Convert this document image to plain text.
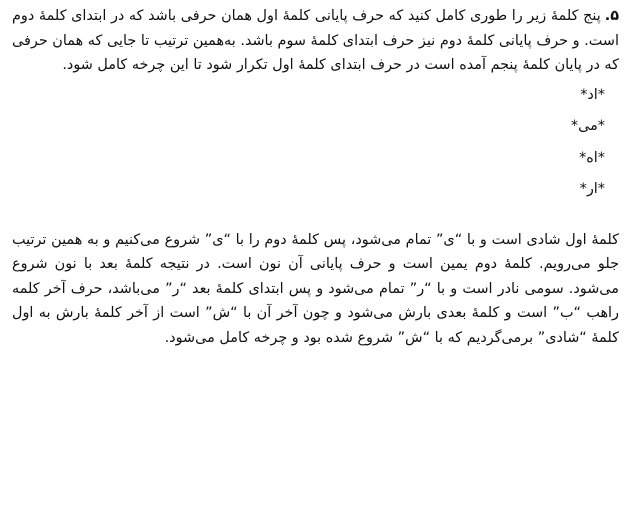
۵.پنج کلمهٔ زیر را طوری کامل کنید که حرف پایانی کلمهٔ اول همان حرفی باشد که در ابتدای کلمهٔ دوم است. و حرف پایانی کلمهٔ دوم نیز حرف ابتدای کلمهٔ سوم باشد. به‌همین ترتیب تا جایی که همان حرفی که در پایان کلمهٔ پنجم آمده است در حرف ابتدای کلمهٔ اول تکرار شود تا این چرخه کامل شود.

*اد*
*می*
*اه*
*ار*

کلمهٔ اول شادی است و با “ی” تمام می‌شود، پس کلمهٔ دوم را با “ی” شروع می‌کنیم و به همین ترتیب جلو می‌رویم. کلمهٔ دوم یمین است و حرف پایانی آن نون است. در نتیجه کلمهٔ بعد با نون شروع می‌شود. سومی نادر است و با “ر” تمام می‌شود و پس ابتدای کلمهٔ بعد “ر” می‌باشد، حرف آخر کلمه راهب “ب” است و کلمهٔ بعدی بارش می‌شود و چون آخر آن با “ش” است از آخر کلمهٔ بارش به اول کلمهٔ “شادی” برمی‌گردیم که با “ش” شروع شده بود و چرخه کامل می‌شود.
